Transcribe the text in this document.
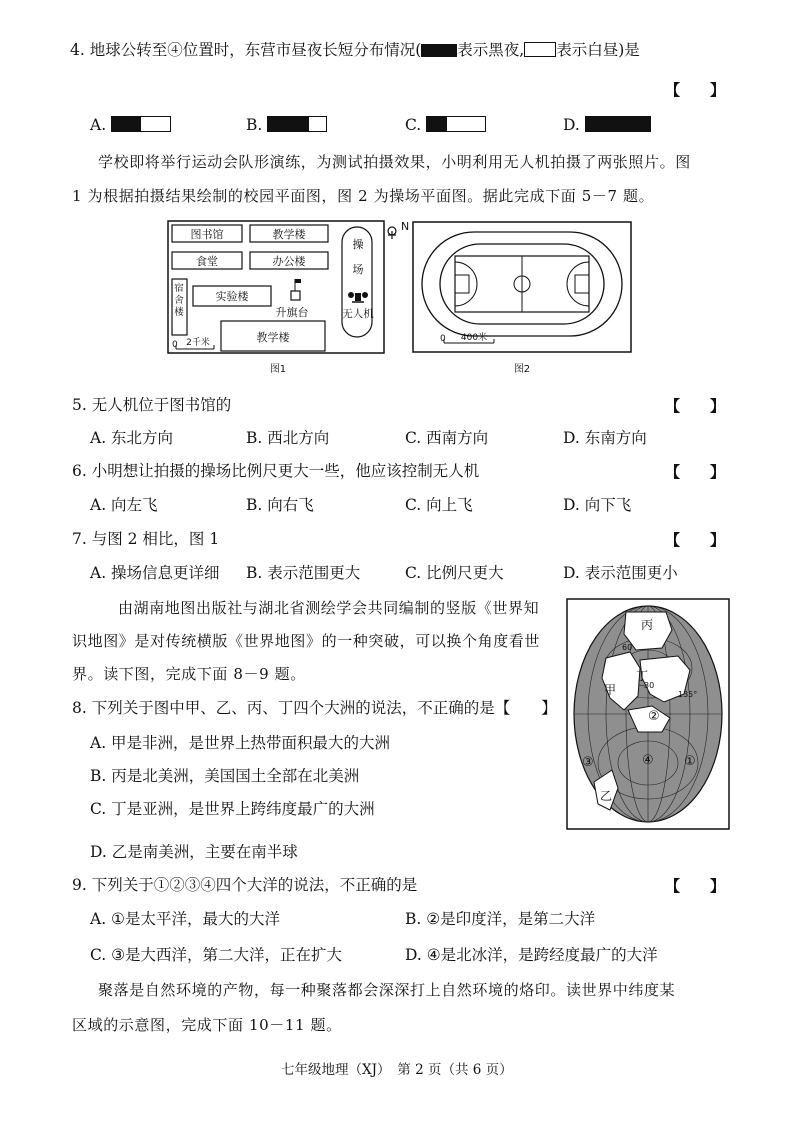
4. 地球公转至④位置时，东营市昼夜长短分布情况( 表示黑夜, 表示白昼)是
【　　】
A.	B.	C.	D.
学校即将举行运动会队形演练，为测试拍摄效果，小明利用无人机拍摄了两张照片。图
1 为根据拍摄结果绘制的校园平面图，图 2 为操场平面图。据此完成下面 5－7 题。
图书馆	教学楼
食堂	办公楼
宿舍楼
实验楼
升旗台
教学楼
操
场
无人机
N
0 2千米
图1
0 400米
图2
5. 无人机位于图书馆的	【　　】
A. 东北方向	B. 西北方向	C. 西南方向	D. 东南方向
6. 小明想让拍摄的操场比例尺更大一些，他应该控制无人机	【　　】
A. 向左飞	B. 向右飞	C. 向上飞	D. 向下飞
7. 与图 2 相比，图 1	【　　】
A. 操场信息更详细 B. 表示范围更大	C. 比例尺更大	D. 表示范围更小
由湖南地图出版社与湖北省测绘学会共同编制的竖版《世界知
识地图》是对传统横版《世界地图》的一种突破，可以换个角度看世
界。读下图，完成下面 8－9 题。
丙
甲
丁
乙
60
30
135°
②
①
③	④
8. 下列关于图中甲、乙、丙、丁四个大洲的说法，不正确的是【　　】
A. 甲是非洲，是世界上热带面积最大的大洲
B. 丙是北美洲，美国国土全部在北美洲
C. 丁是亚洲，是世界上跨纬度最广的大洲
D. 乙是南美洲，主要在南半球
9. 下列关于①②③④四个大洋的说法，不正确的是	【　　】
A. ①是太平洋，最大的大洋	B. ②是印度洋，是第二大洋
C. ③是大西洋，第二大洋，正在扩大	D. ④是北冰洋，是跨经度最广的大洋
聚落是自然环境的产物，每一种聚落都会深深打上自然环境的烙印。读世界中纬度某
区域的示意图，完成下面 10－11 题。
七年级地理（XJ）　第 2 页（共 6 页）
